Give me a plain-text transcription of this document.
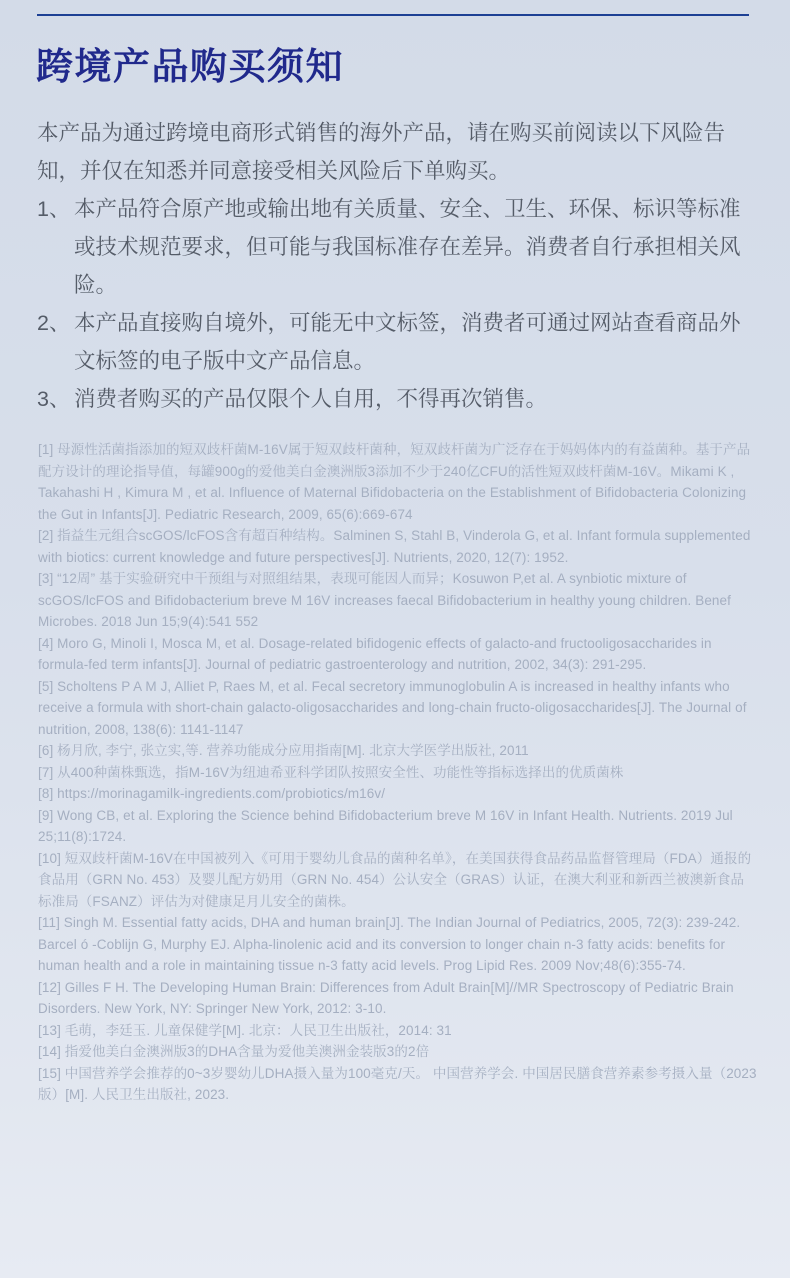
跨境产品购买须知

本产品为通过跨境电商形式销售的海外产品，请在购买前阅读以下风险告知，并仅在知悉并同意接受相关风险后下单购买。

1、 本产品符合原产地或输出地有关质量、安全、卫生、环保、标识等标准或技术规范要求，但可能与我国标准存在差异。消费者自行承担相关风险。
2、 本产品直接购自境外，可能无中文标签，消费者可通过网站查看商品外文标签的电子版中文产品信息。
3、 消费者购买的产品仅限个人自用，不得再次销售。

[1] 母源性活菌指添加的短双歧杆菌M-16V属于短双歧杆菌种，短双歧杆菌为广泛存在于妈妈体内的有益菌种。基于产品配方设计的理论指导值，每罐900g的爱他美白金澳洲版3添加不少于240亿CFU的活性短双歧杆菌M-16V。Mikami K , Takahashi H , Kimura M , et al. Influence of Maternal Bifidobacteria on the Establishment of Bifidobacteria Colonizing the Gut in Infants[J]. Pediatric Research, 2009, 65(6):669-674

[2] 指益生元组合scGOS/lcFOS含有超百种结构。Salminen S, Stahl B, Vinderola G, et al. Infant formula supplemented with biotics: current knowledge and future perspectives[J]. Nutrients, 2020, 12(7): 1952.

[3] “12周” 基于实验研究中干预组与对照组结果，表现可能因人而异；Kosuwon P,et al. A synbiotic mixture of scGOS/lcFOS and Bifidobacterium breve M 16V increases faecal Bifidobacterium in healthy young children. Benef Microbes. 2018 Jun 15;9(4):541 552

[4] Moro G, Minoli I, Mosca M, et al. Dosage-related bifidogenic effects of galacto-and fructooligosaccharides in formula-fed term infants[J]. Journal of pediatric gastroenterology and nutrition, 2002, 34(3): 291-295.

[5] Scholtens P A M J, Alliet P, Raes M, et al. Fecal secretory immunoglobulin A is increased in healthy infants who receive a formula with short-chain galacto-oligosaccharides and long-chain fructo-oligosaccharides[J]. The Journal of nutrition, 2008, 138(6): 1141-1147

[6] 杨月欣, 李宁, 张立实,等. 营养功能成分应用指南[M]. 北京大学医学出版社, 2011

[7] 从400种菌株甄选，指M-16V为纽迪希亚科学团队按照安全性、功能性等指标选择出的优质菌株

[8] https://morinagamilk-ingredients.com/probiotics/m16v/

[9] Wong CB, et al. Exploring the Science behind Bifidobacterium breve M 16V in Infant Health. Nutrients. 2019 Jul 25;11(8):1724.

[10] 短双歧杆菌M-16V在中国被列入《可用于婴幼儿食品的菌种名单》，在美国获得食品药品监督管理局（FDA）通报的食品用（GRN No. 453）及婴儿配方奶用（GRN No. 454）公认安全（GRAS）认证，在澳大利亚和新西兰被澳新食品标准局（FSANZ）评估为对健康足月儿安全的菌株。

[11] Singh M. Essential fatty acids, DHA and human brain[J]. The Indian Journal of Pediatrics, 2005, 72(3): 239-242. Barcel ó -Coblijn G, Murphy EJ. Alpha-linolenic acid and its conversion to longer chain n-3 fatty acids: benefits for human health and a role in maintaining tissue n-3 fatty acid levels. Prog Lipid Res. 2009 Nov;48(6):355-74.

[12] Gilles F H. The Developing Human Brain: Differences from Adult Brain[M]//MR Spectroscopy of Pediatric Brain Disorders. New York, NY: Springer New York, 2012: 3-10.

[13] 毛萌，李廷玉. 儿童保健学[M]. 北京：人民卫生出版社，2014: 31

[14] 指爱他美白金澳洲版3的DHA含量为爱他美澳洲金装版3的2倍

[15] 中国营养学会推荐的0~3岁婴幼儿DHA摄入量为100毫克/天。 中国营养学会. 中国居民膳食营养素参考摄入量（2023版）[M]. 人民卫生出版社, 2023.
